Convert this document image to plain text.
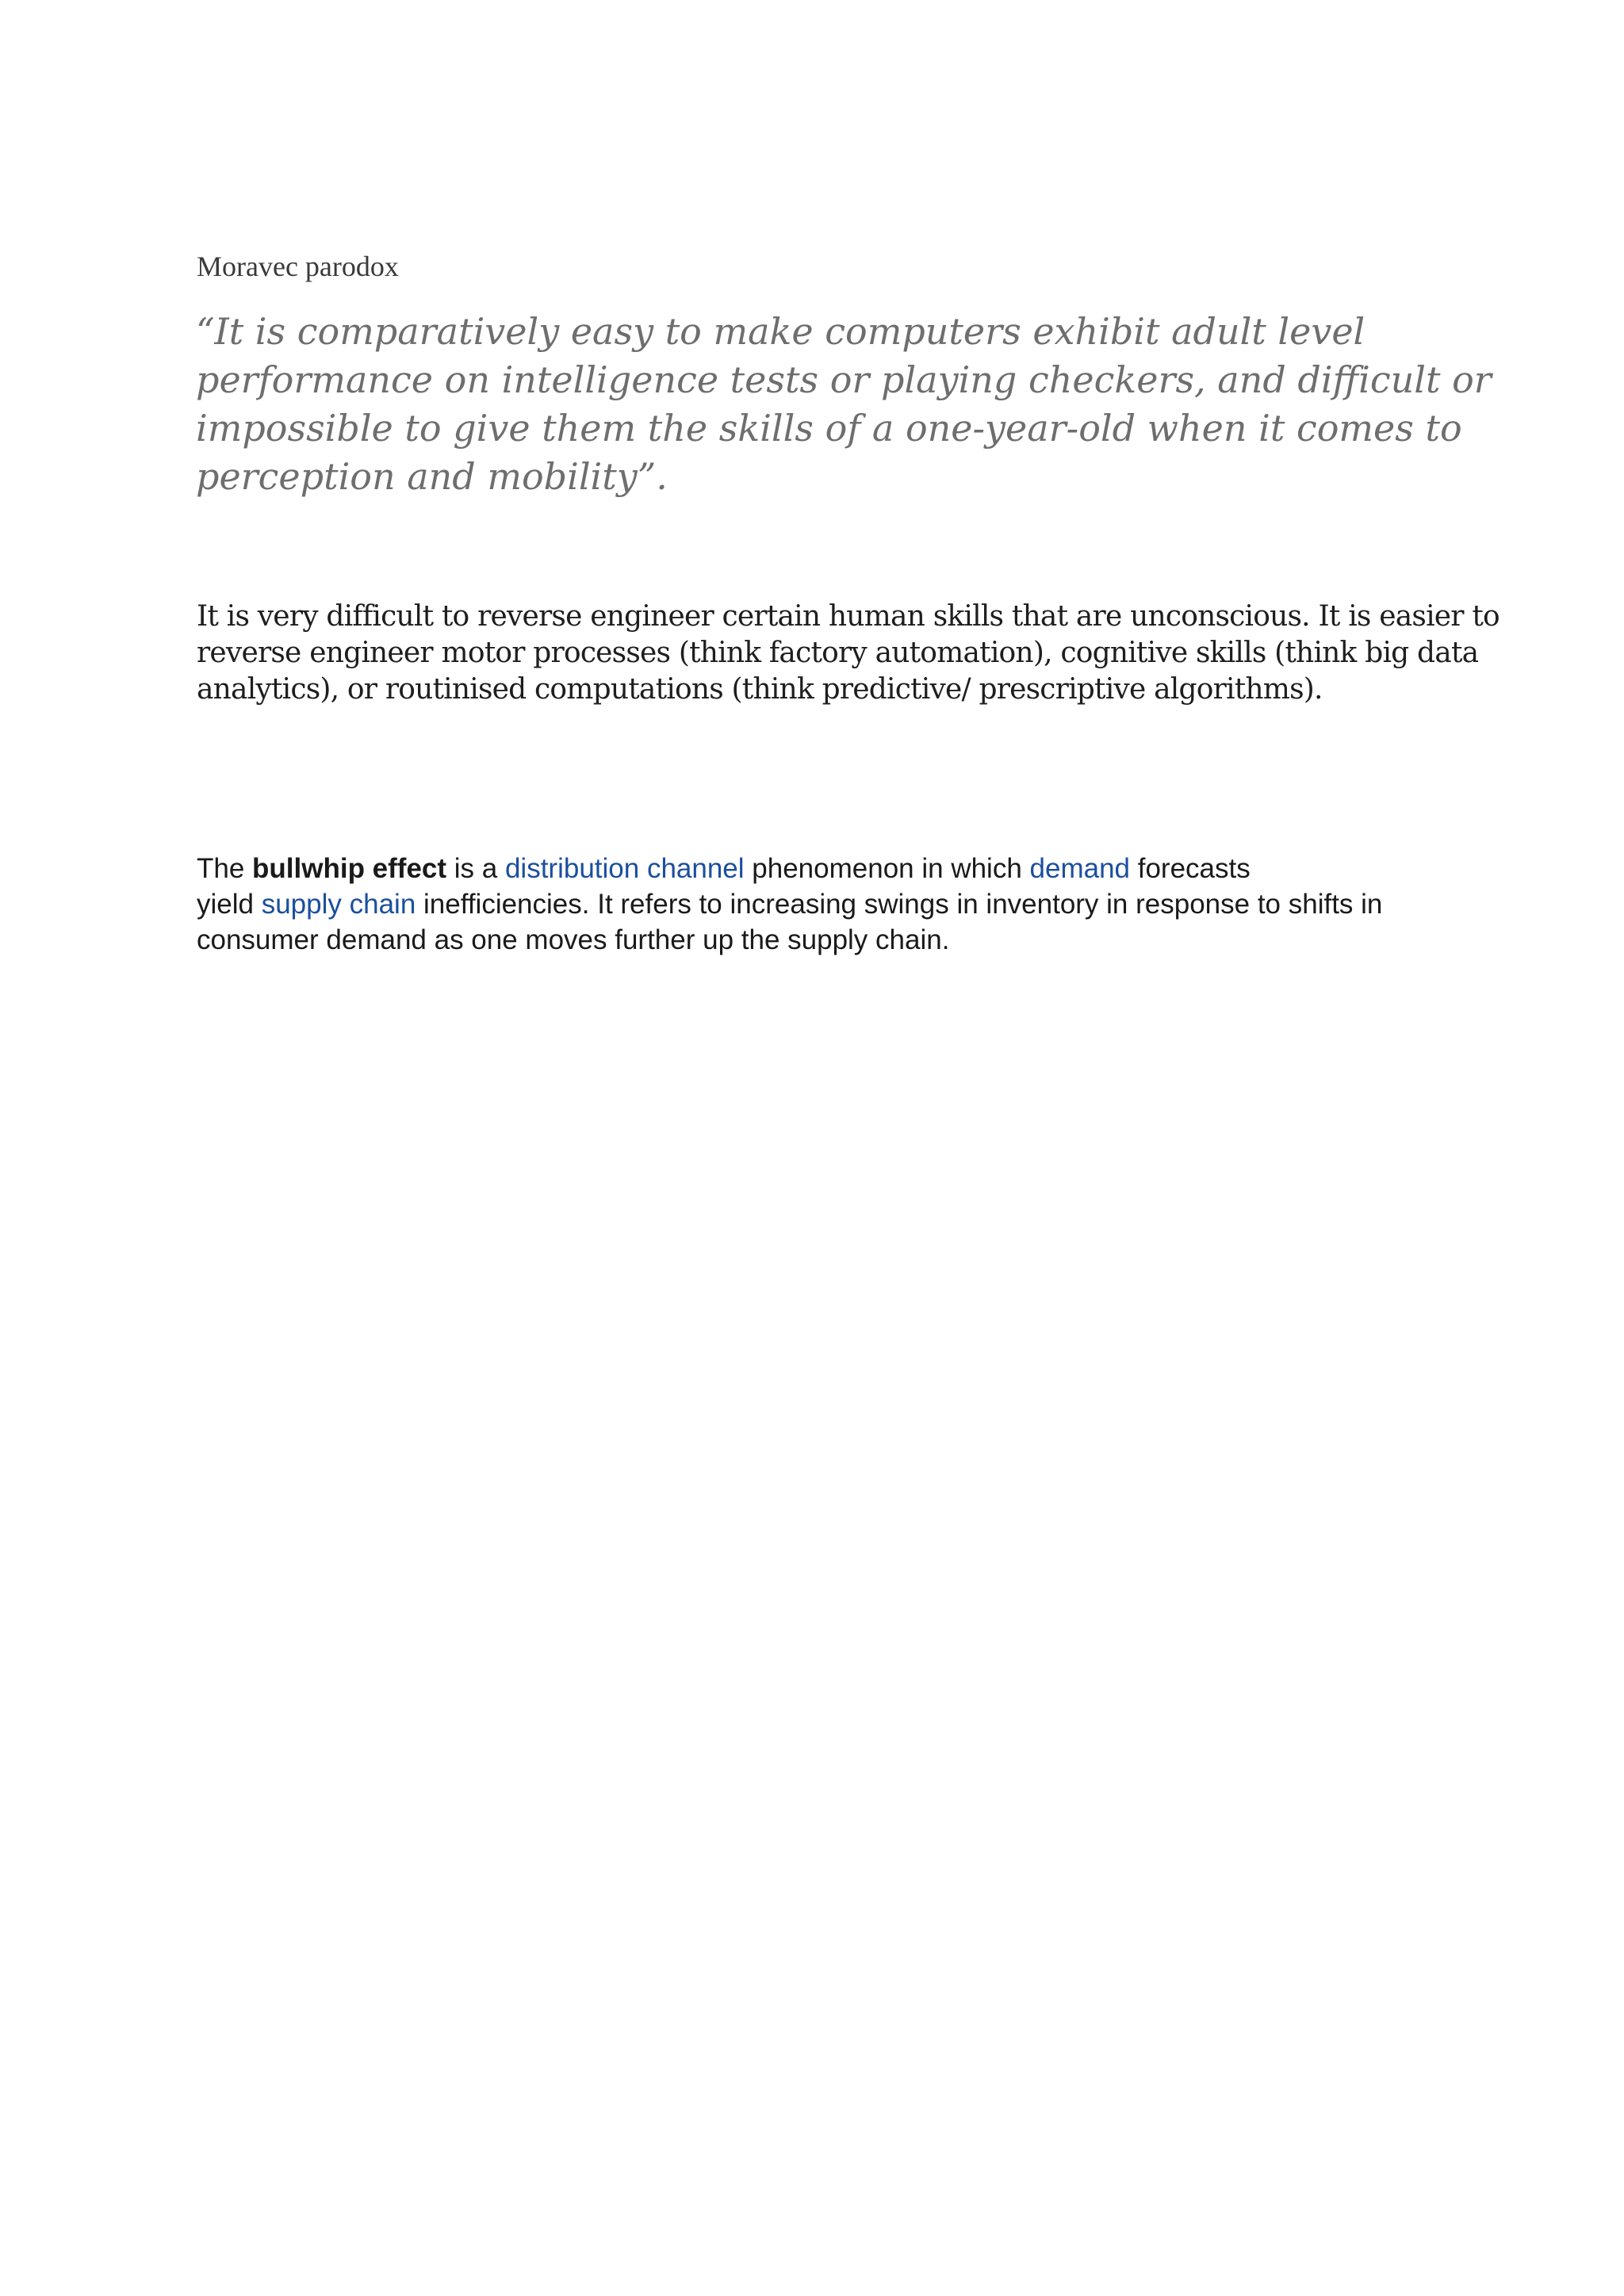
Moravec parodox
“It is comparatively easy to make computers exhibit adult level
performance on intelligence tests or playing checkers, and difficult or
impossible to give them the skills of a one-year-old when it comes to
perception and mobility”.
It is very difficult to reverse engineer certain human skills that are unconscious. It is easier to
reverse engineer motor processes (think factory automation), cognitive skills (think big data
analytics), or routinised computations (think predictive/ prescriptive algorithms).
The bullwhip effect is a distribution channel phenomenon in which demand forecasts
yield supply chain inefficiencies. It refers to increasing swings in inventory in response to shifts in
consumer demand as one moves further up the supply chain.
